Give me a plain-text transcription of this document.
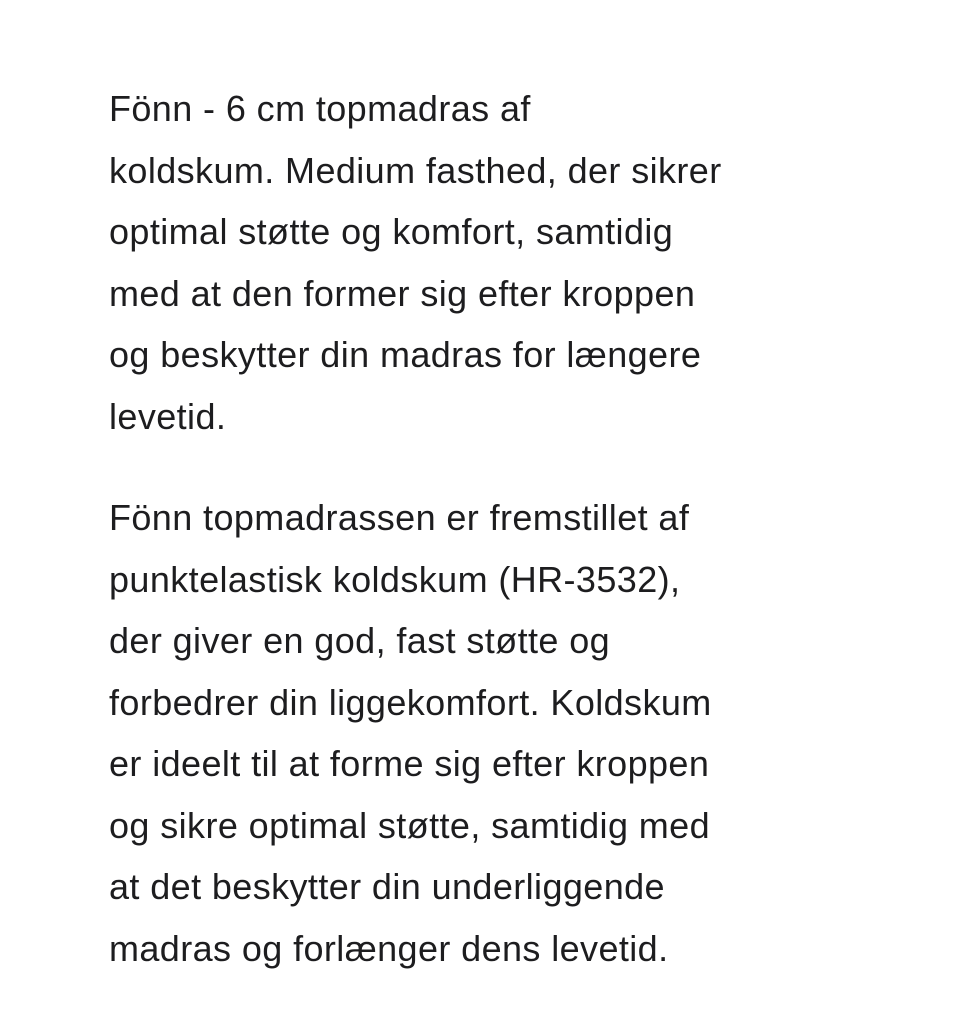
Fönn - 6 cm topmadras af
koldskum. Medium fasthed, der sikrer
optimal støtte og komfort, samtidig
med at den former sig efter kroppen
og beskytter din madras for længere
levetid.

Fönn topmadrassen er fremstillet af
punktelastisk koldskum (HR-3532),
der giver en god, fast støtte og
forbedrer din liggekomfort. Koldskum
er ideelt til at forme sig efter kroppen
og sikre optimal støtte, samtidig med
at det beskytter din underliggende
madras og forlænger dens levetid.
